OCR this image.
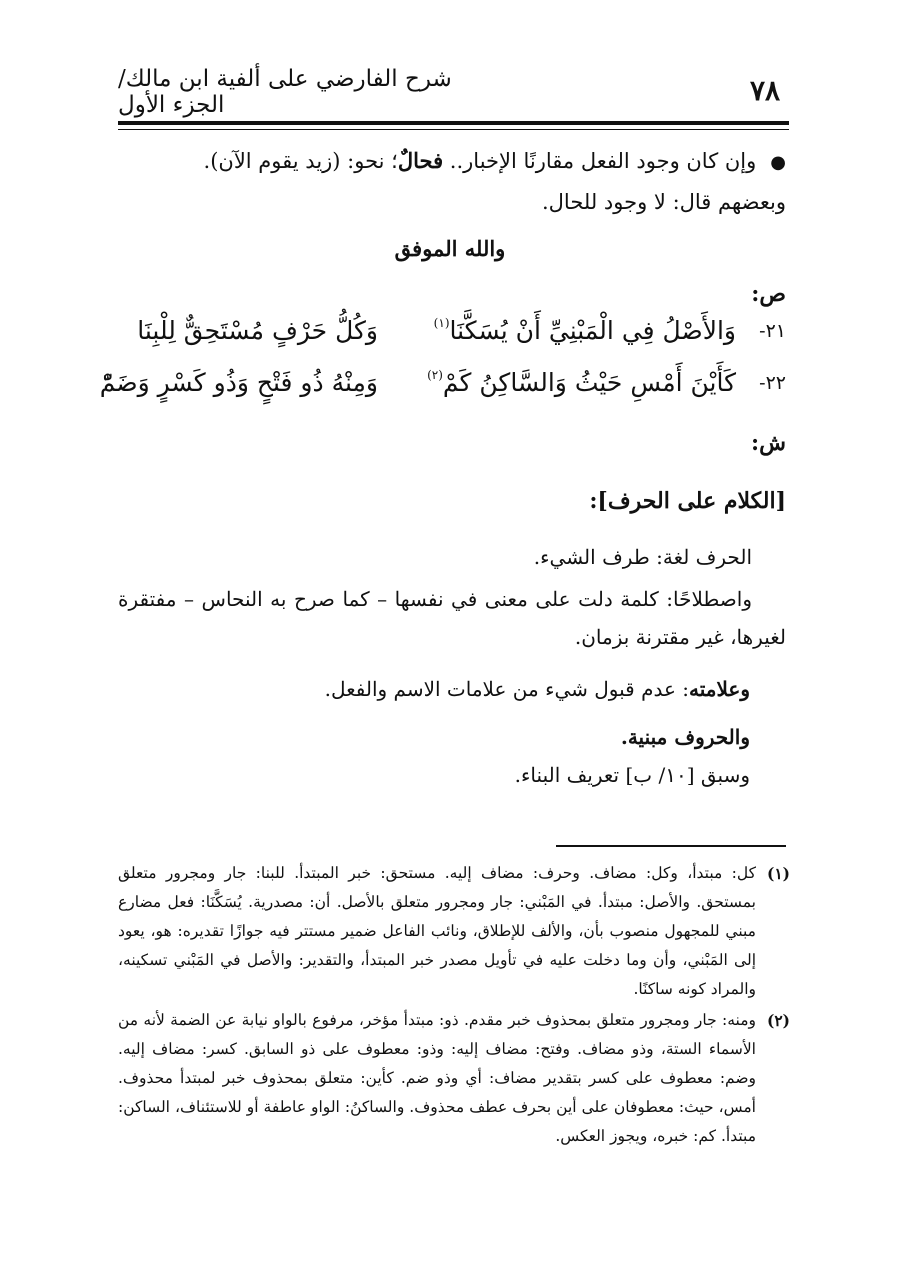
٧٨
شرح الفارضي على ألفية ابن مالك/ الجزء الأول
●وإن كان وجود الفعل مقارنًا الإخبار.. فحالٌ؛ نحو: (زيد يقوم الآن).
وبعضهم قال: لا وجود للحال.
والله الموفق
ص:
٢١-
وَكُلُّ حَرْفٍ مُسْتَحِقٌّ لِلْبِنَا	وَالأَصْلُ فِي الْمَبْنِيِّ أَنْ يُسَكَّنَا$^{(١)}$
٢٢-
وَمِنْهُ ذُو فَتْحٍ وَذُو كَسْرٍ وَضَمّْ	كَأَيْنَ أَمْسِ حَيْثُ وَالسَّاكِنُ كَمْ$^{(٢)}$
ش:
[الكلام على الحرف]:
الحرف لغة: طرف الشيء.
واصطلاحًا: كلمة دلت على معنى في نفسها – كما صرح به النحاس – مفتقرة لغيرها، غير مقترنة بزمان.
وعلامته: عدم قبول شيء من علامات الاسم والفعل.
والحروف مبنية.
وسبق [١٠/ ب] تعريف البناء.

(١)
كل: مبتدأ، وكل: مضاف. وحرف: مضاف إليه. مستحق: خبر المبتدأ. للبنا: جار ومجرور متعلق بمستحق. والأصل: مبتدأ. في المَبْني: جار ومجرور متعلق بالأصل. أن: مصدرية. يُسَكَّنَا: فعل مضارع مبني للمجهول منصوب بأن، والألف للإطلاق، ونائب الفاعل ضمير مستتر فيه جوازًا تقديره: هو، يعود إلى المَبْني، وأن وما دخلت عليه في تأويل مصدر خبر المبتدأ، والتقدير: والأصل في المَبْني تسكينه، والمراد كونه ساكنًا.

(٢)
ومنه: جار ومجرور متعلق بمحذوف خبر مقدم. ذو: مبتدأ مؤخر، مرفوع بالواو نيابة عن الضمة لأنه من الأسماء الستة، وذو مضاف. وفتح: مضاف إليه: وذو: معطوف على ذو السابق. كسر: مضاف إليه. وضم: معطوف على كسر بتقدير مضاف: أي وذو ضم. كأين: متعلق بمحذوف خبر لمبتدأ محذوف. أمس، حيث: معطوفان على أين بحرف عطف محذوف. والساكنُ: الواو عاطفة أو للاستئناف، الساكن: مبتدأ. كم: خبره، ويجوز العكس.
